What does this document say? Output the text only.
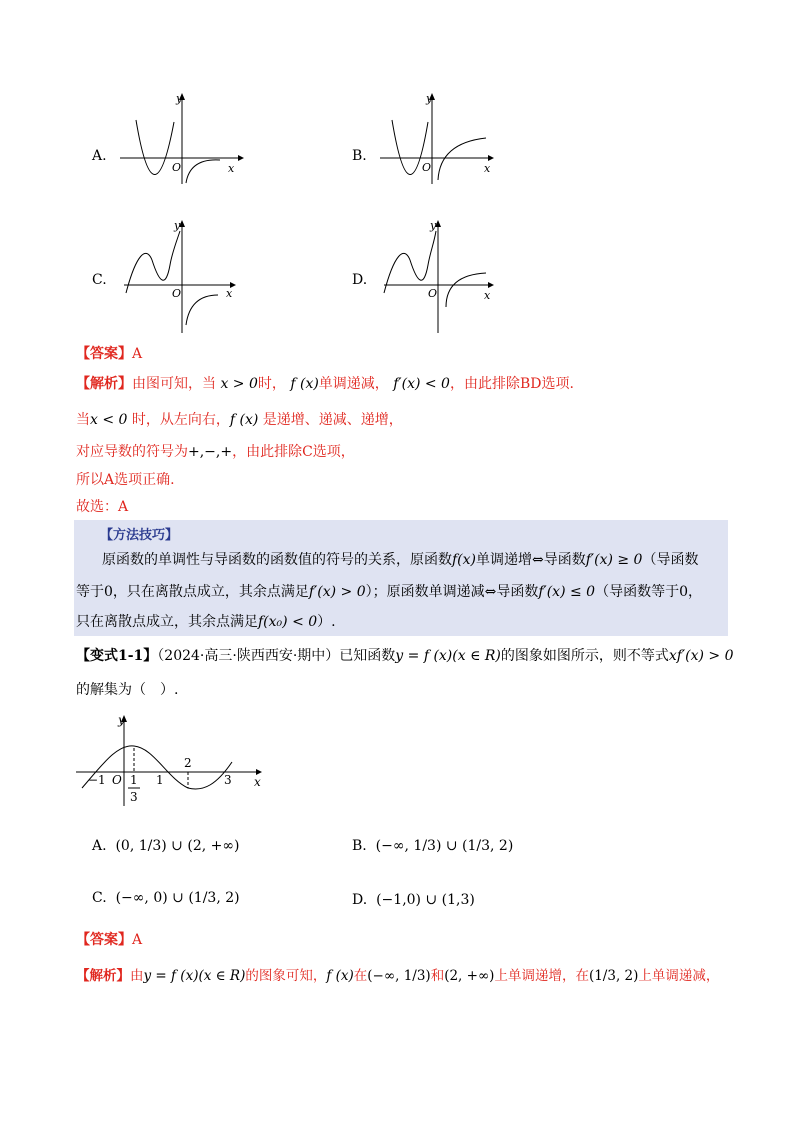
A.
y
x
O
B.
y
x
O
C.
y
x
O
D.
y
x
O
【答案】A
【解析】由图可知，当 x > 0时， f (x)单调递减， f′(x) < 0，由此排除BD选项.
当x < 0 时，从左向右，f (x) 是递增、递减、递增，
对应导数的符号为+,−,+，由此排除C选项，
所以A选项正确.
故选：A
【方法技巧】
原函数的单调性与导函数的函数值的符号的关系，原函数f(x)单调递增⇔导函数f′(x) ≥ 0（导函数
等于0，只在离散点成立，其余点满足f′(x) > 0）；原函数单调递减⇔导函数f′(x) ≤ 0（导函数等于0，
只在离散点成立，其余点满足f(x₀) < 0）.
【变式1-1】（2024·高三·陕西西安·期中）已知函数y = f (x)(x ∈ R)的图象如图所示，则不等式xf′(x) > 0
的解集为（　）.
y
x
O
−1	1
2
3
1
3
A. (0, 1/3) ∪ (2, +∞)	B. (−∞, 1/3) ∪ (1/3, 2)
C. (−∞, 0) ∪ (1/3, 2)	D. (−1,0) ∪ (1,3)
【答案】A
【解析】由y = f (x)(x ∈ R)的图象可知，f (x)在(−∞, 1/3)和(2, +∞)上单调递增，在(1/3, 2)上单调递减，
